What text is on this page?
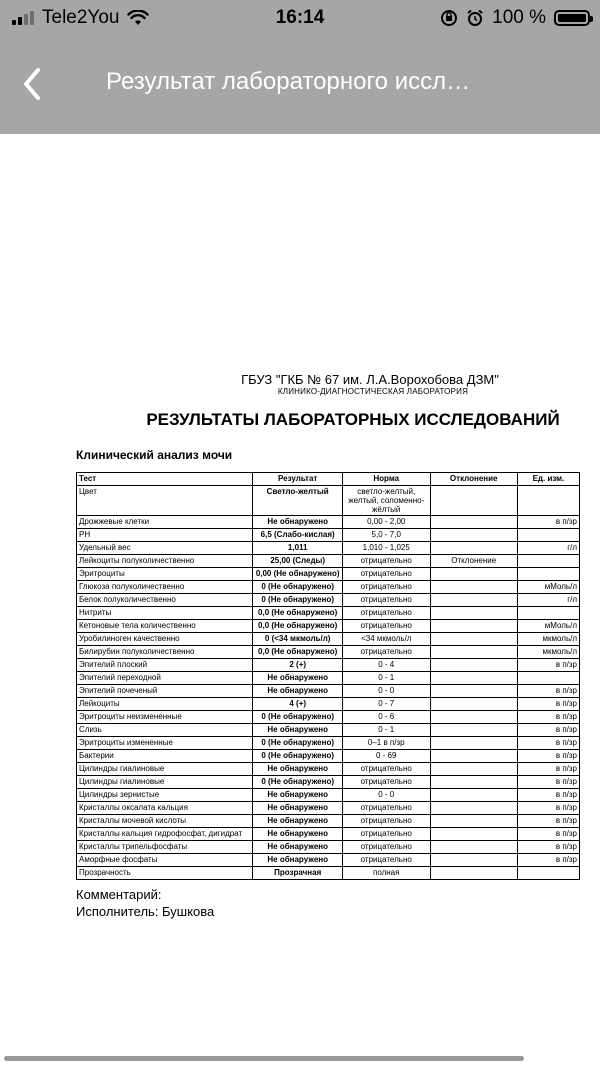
Tele2You	16:14	100 %
Результат лабораторного иссл…
ГБУЗ "ГКБ № 67 им. Л.А.Ворохобова ДЗМ"
КЛИНИКО-ДИАГНОСТИЧЕСКАЯ ЛАБОРАТОРИЯ
РЕЗУЛЬТАТЫ ЛАБОРАТОРНЫХ ИССЛЕДОВАНИЙ
Клинический анализ мочи
Тест	Результат	Норма	Отклонение	Ед. изм.
Цвет	Светло-желтый	светло-желтый, желтый, соломенно-жёлтый		
Дрожжевые клетки	Не обнаружено	0,00 - 2,00		в п/зр
PH	6,5 (Слабо-кислая)	5,0 - 7,0		
Удельный вес	1,011	1,010 - 1,025		г/л
Лейкоциты полуколичественно	25,00 (Следы)	отрицательно	Отклонение	
Эритроциты	0,00 (Не обнаружено)	отрицательно		
Глюкоза полуколичественно	0 (Не обнаружено)	отрицательно		мМоль/л
Белок полуколичественно	0 (Не обнаружено)	отрицательно		г/л
Нитриты	0,0 (Не обнаружено)	отрицательно		
Кетоновые тела количественно	0,0 (Не обнаружено)	отрицательно		мМоль/л
Уробилиноген качественно	0 (<34 мкмоль/л)	<34 мкмоль/л		мкмоль/л
Билирубин полуколичественно	0,0 (Не обнаружено)	отрицательно		мкмоль/л
Эпителий плоский	2 (+)	0 - 4		в п/зр
Эпителий переходной	Не обнаружено	0 - 1		
Эпителий почеченый	Не обнаружено	0 - 0		в п/зр
Лейкоциты	4 (+)	0 - 7		в п/зр
Эритроциты неизмененные	0 (Не обнаружено)	0 - 6		в п/зр
Слизь	Не обнаружено	0 - 1		в п/зр
Эритроциты измененные	0 (Не обнаружено)	0–1 в п/зр		в п/зр
Бактерии	0 (Не обнаружено)	0 - 69		в п/зр
Цилиндры гиалиновые	Не обнаружено	отрицательно		в п/зр
Цилиндры гиалиновые	0 (Не обнаружено)	отрицательно		в п/зр
Цилиндры зернистые	Не обнаружено	0 - 0		в п/зр
Кристаллы оксалата кальция	Не обнаружено	отрицательно		в п/зр
Кристаллы мочевой кислоты	Не обнаружено	отрицательно		в п/зр
Кристаллы кальция гидрофосфат, дигидрат	Не обнаружено	отрицательно		в п/зр
Кристаллы трипельфосфаты	Не обнаружено	отрицательно		в п/зр
Аморфные фосфаты	Не обнаружено	отрицательно		в п/зр
Прозрачность	Прозрачная	полная		
Комментарий:
Исполнитель: Бушкова
